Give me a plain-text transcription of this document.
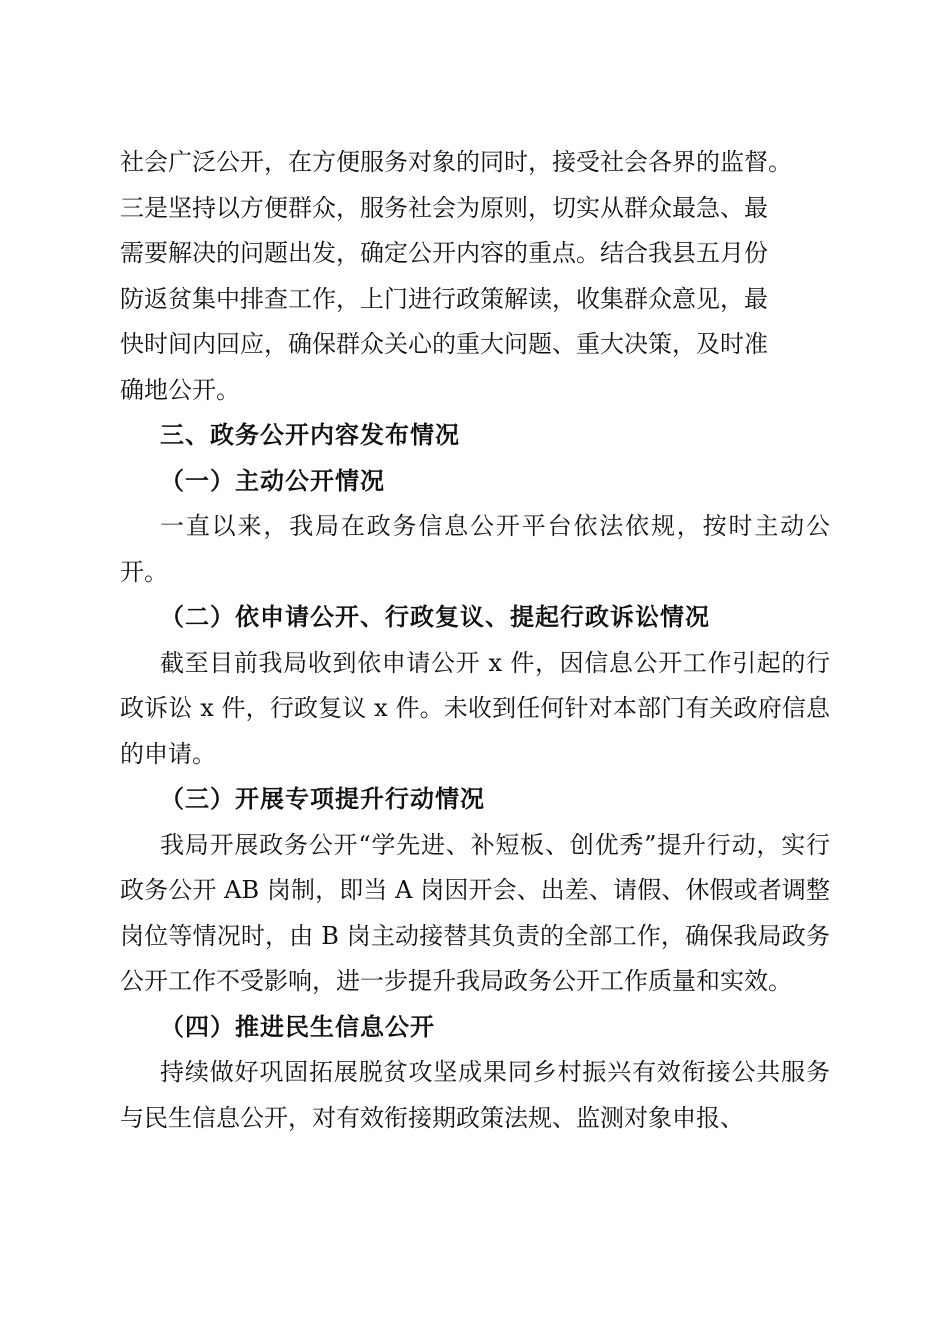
社会广泛公开，在方便服务对象的同时，接受社会各界的监督。
三是坚持以方便群众，服务社会为原则，切实从群众最急、最
需要解决的问题出发，确定公开内容的重点。结合我县五月份
防返贫集中排查工作，上门进行政策解读，收集群众意见，最
快时间内回应，确保群众关心的重大问题、重大决策，及时准
确地公开。

三、政务公开内容发布情况

（一）主动公开情况

一直以来，我局在政务信息公开平台依法依规，按时主动公开。

（二）依申请公开、行政复议、提起行政诉讼情况

截至目前我局收到依申请公开 x 件，因信息公开工作引起的行政诉讼 x 件，行政复议 x 件。未收到任何针对本部门有关政府信息的申请。

（三）开展专项提升行动情况

我局开展政务公开“学先进、补短板、创优秀”提升行动，实行政务公开 AB 岗制，即当 A 岗因开会、出差、请假、休假或者调整岗位等情况时，由 B 岗主动接替其负责的全部工作，确保我局政务公开工作不受影响，进一步提升我局政务公开工作质量和实效。

（四）推进民生信息公开

持续做好巩固拓展脱贫攻坚成果同乡村振兴有效衔接公共服务与民生信息公开，对有效衔接期政策法规、监测对象申报、
